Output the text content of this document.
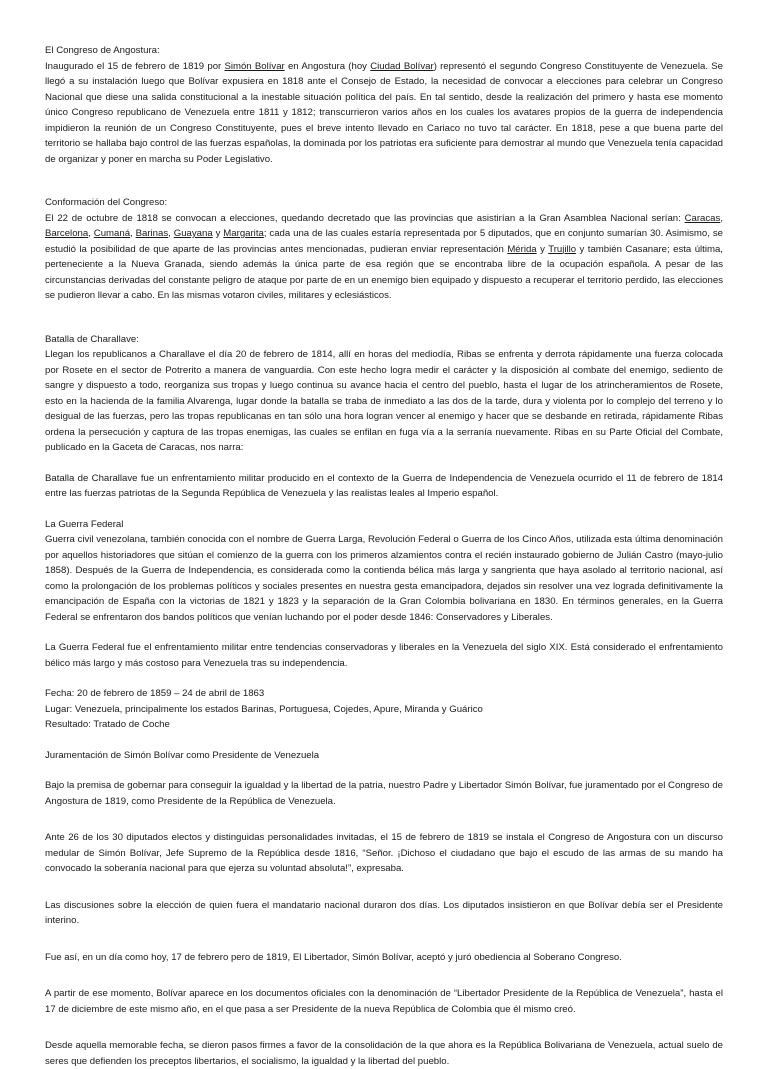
El Congreso de Angostura:

Inaugurado el 15 de febrero de 1819 por Simón Bolívar en Angostura (hoy Ciudad Bolívar) representó el segundo Congreso Constituyente de Venezuela. Se llegó a su instalación luego que Bolívar expusiera en 1818 ante el Consejo de Estado, la necesidad de convocar a elecciones para celebrar un Congreso Nacional que diese una salida constitucional a la inestable situación política del país. En tal sentido, desde la realización del primero y hasta ese momento único Congreso republicano de Venezuela entre 1811 y 1812; transcurrieron varios años en los cuales los avatares propios de la guerra de independencia impidieron la reunión de un Congreso Constituyente, pues el breve intento llevado en Cariaco no tuvo tal carácter. En 1818, pese a que buena parte del territorio se hallaba bajo control de las fuerzas españolas, la dominada por los patriotas era suficiente para demostrar al mundo que Venezuela tenía capacidad de organizar y poner en marcha su Poder Legislativo.

Conformación del Congreso:

El 22 de octubre de 1818 se convocan a elecciones, quedando decretado que las provincias que asistirían a la Gran Asamblea Nacional serían: Caracas, Barcelona, Cumaná, Barinas, Guayana y Margarita; cada una de las cuales estaría representada por 5 diputados, que en conjunto sumarían 30. Asimismo, se estudió la posibilidad de que aparte de las provincias antes mencionadas, pudieran enviar representación Mérida y Trujillo y también Casanare; esta última, perteneciente a la Nueva Granada, siendo además la única parte de esa región que se encontraba libre de la ocupación española. A pesar de las circunstancias derivadas del constante peligro de ataque por parte de en un enemigo bien equipado y dispuesto a recuperar el territorio perdido, las elecciones se pudieron llevar a cabo. En las mismas votaron civiles, militares y eclesiásticos.

Batalla de Charallave:

Llegan los republicanos a Charallave el día 20 de febrero de 1814, allí en horas del mediodía, Ribas se enfrenta y derrota rápidamente una fuerza colocada por Rosete en el sector de Potrerito a manera de vanguardia. Con este hecho logra medir el carácter y la disposición al combate del enemigo, sediento de sangre y dispuesto a todo, reorganiza sus tropas y luego continua su avance hacia el centro del pueblo, hasta el lugar de los atrincheramientos de Rosete, esto en la hacienda de la familia Alvarenga, lugar donde la batalla se traba de inmediato a las dos de la tarde, dura y violenta por lo complejo del terreno y lo desigual de las fuerzas, pero las tropas republicanas en tan sólo una hora logran vencer al enemigo y hacer que se desbande en retirada, rápidamente Ribas ordena la persecución y captura de las tropas enemigas, las cuales se enfilan en fuga vía a la serranía nuevamente. Ribas en su Parte Oficial del Combate, publicado en la Gaceta de Caracas, nos narra:

Batalla de Charallave fue un enfrentamiento militar producido en el contexto de la Guerra de Independencia de Venezuela ocurrido el 11 de febrero de 1814 entre las fuerzas patriotas de la Segunda República de Venezuela y las realistas leales al Imperio español.

La Guerra Federal

Guerra civil venezolana, también conocida con el nombre de Guerra Larga, Revolución Federal o Guerra de los Cinco Años, utilizada esta última denominación por aquellos historiadores que sitúan el comienzo de la guerra con los primeros alzamientos contra el recién instaurado gobierno de Julián Castro (mayo-julio 1858). Después de la Guerra de Independencia, es considerada como la contienda bélica más larga y sangrienta que haya asolado al territorio nacional, así como la prolongación de los problemas políticos y sociales presentes en nuestra gesta emancipadora, dejados sin resolver una vez lograda definitivamente la emancipación de España con la victorias de 1821 y 1823 y la separación de la Gran Colombia bolivariana en 1830. En términos generales, en la Guerra Federal se enfrentaron dos bandos políticos que venían luchando por el poder desde 1846: Conservadores y Liberales.

La Guerra Federal fue el enfrentamiento militar entre tendencias conservadoras y liberales en la Venezuela del siglo XIX. Está considerado el enfrentamiento bélico más largo y más costoso para Venezuela tras su independencia.

Fecha: 20 de febrero de 1859 – 24 de abril de 1863
Lugar: Venezuela, principalmente los estados Barinas, Portuguesa, Cojedes, Apure, Miranda y Guárico
Resultado: Tratado de Coche
Juramentación de Simón Bolívar como Presidente de Venezuela

Bajo la premisa de gobernar para conseguir la igualdad y la libertad de la patria, nuestro Padre y Libertador Simón Bolívar, fue juramentado por el Congreso de Angostura de 1819, como Presidente de la República de Venezuela.

Ante 26 de los 30 diputados electos y distinguidas personalidades invitadas, el 15 de febrero de 1819 se instala el Congreso de Angostura con un discurso medular de Simón Bolívar, Jefe Supremo de la República desde 1816, “Señor. ¡Dichoso el ciudadano que bajo el escudo de las armas de su mando ha convocado la soberanía nacional para que ejerza su voluntad absoluta!”, expresaba.

Las discusiones sobre la elección de quien fuera el mandatario nacional duraron dos días. Los diputados insistieron en que Bolívar debía ser el Presidente interino.

Fue así, en un día como hoy, 17 de febrero pero de 1819, El Libertador, Simón Bolívar, aceptó y juró obediencia al Soberano Congreso.

A partir de ese momento, Bolívar aparece en los documentos oficiales con la denominación de “Libertador Presidente de la República de Venezuela”, hasta el 17 de diciembre de este mismo año, en el que pasa a ser Presidente de la nueva República de Colombia que él mismo creó.

Desde aquella memorable fecha, se dieron pasos firmes a favor de la consolidación de la que ahora es la República Bolivariana de Venezuela, actual suelo de seres que defienden los preceptos libertarios, el socialismo, la igualdad y la libertad del pueblo.
